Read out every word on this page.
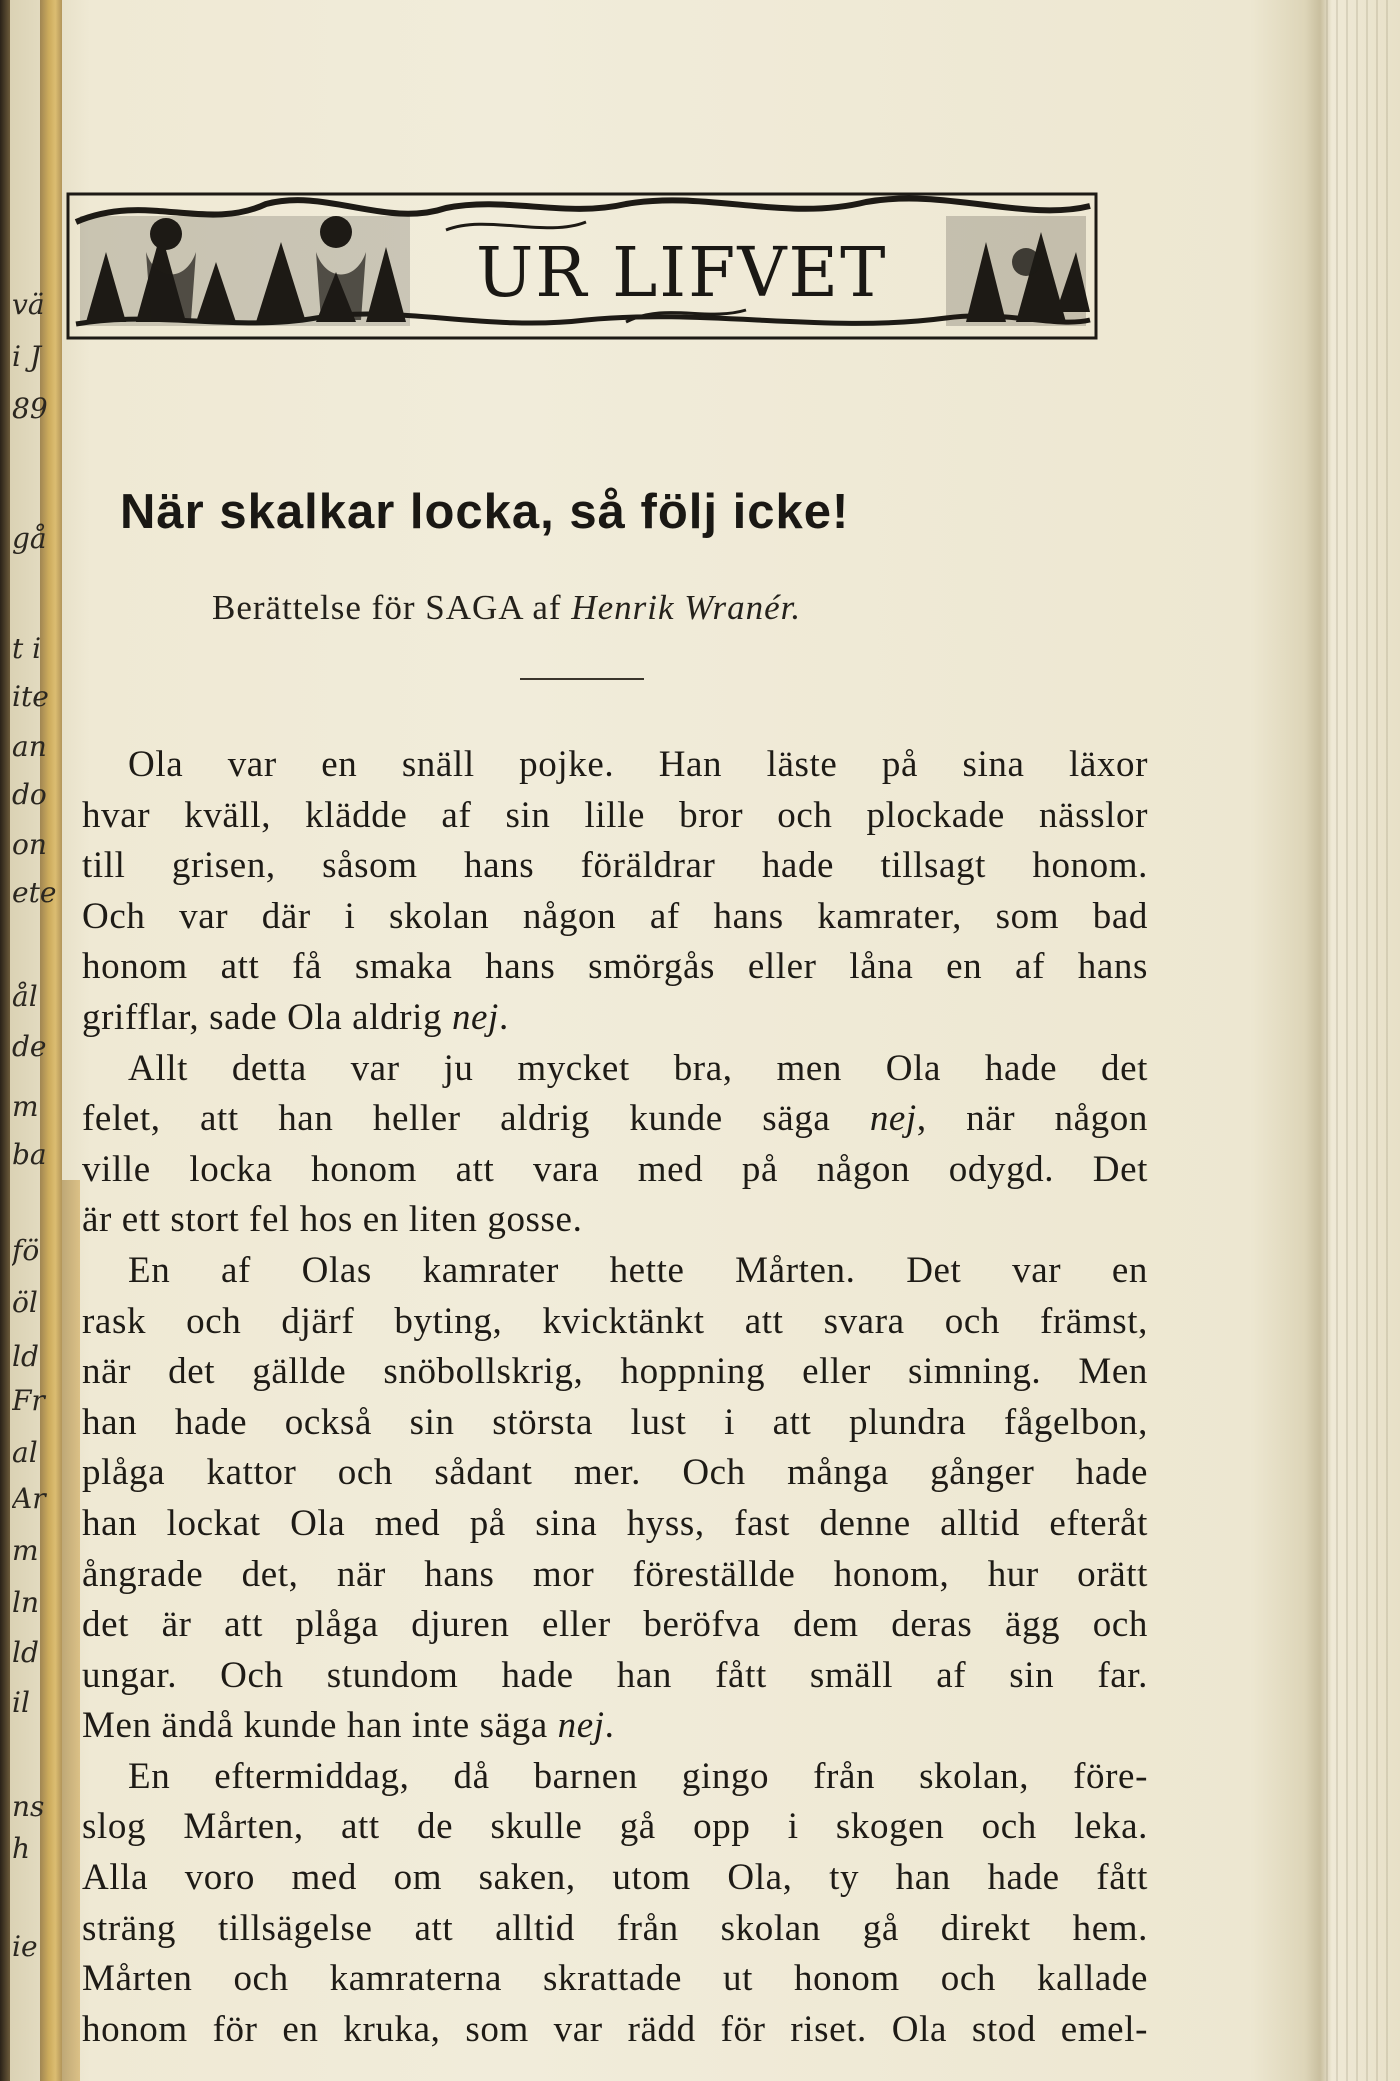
vä
i J
89
gå
t i
ite
an
do
on
ete
ål
de
m
ba
fö
öl
ld
Fr
al
Ar
m
ln
ld
il
ns
h
ie
UR LIFVET
När skalkar locka, så följ icke!
Berättelse för SAGA af Henrik Wranér.
Ola var en snäll pojke. Han läste på sina läxor
hvar kväll, klädde af sin lille bror och plockade nässlor
till grisen, såsom hans föräldrar hade tillsagt honom.
Och var där i skolan någon af hans kamrater, som bad
honom att få smaka hans smörgås eller låna en af hans
grifflar, sade Ola aldrig nej.
Allt detta var ju mycket bra, men Ola hade det
felet, att han heller aldrig kunde säga nej, när någon
ville locka honom att vara med på någon odygd. Det
är ett stort fel hos en liten gosse.
En af Olas kamrater hette Mårten. Det var en
rask och djärf byting, kvicktänkt att svara och främst,
när det gällde snöbollskrig, hoppning eller simning. Men
han hade också sin största lust i att plundra fågelbon,
plåga kattor och sådant mer. Och många gånger hade
han lockat Ola med på sina hyss, fast denne alltid efteråt
ångrade det, när hans mor föreställde honom, hur orätt
det är att plåga djuren eller beröfva dem deras ägg och
ungar. Och stundom hade han fått smäll af sin far.
Men ändå kunde han inte säga nej.
En eftermiddag, då barnen gingo från skolan, före-
slog Mårten, att de skulle gå opp i skogen och leka.
Alla voro med om saken, utom Ola, ty han hade fått
sträng tillsägelse att alltid från skolan gå direkt hem.
Mårten och kamraterna skrattade ut honom och kallade
honom för en kruka, som var rädd för riset. Ola stod emel-
